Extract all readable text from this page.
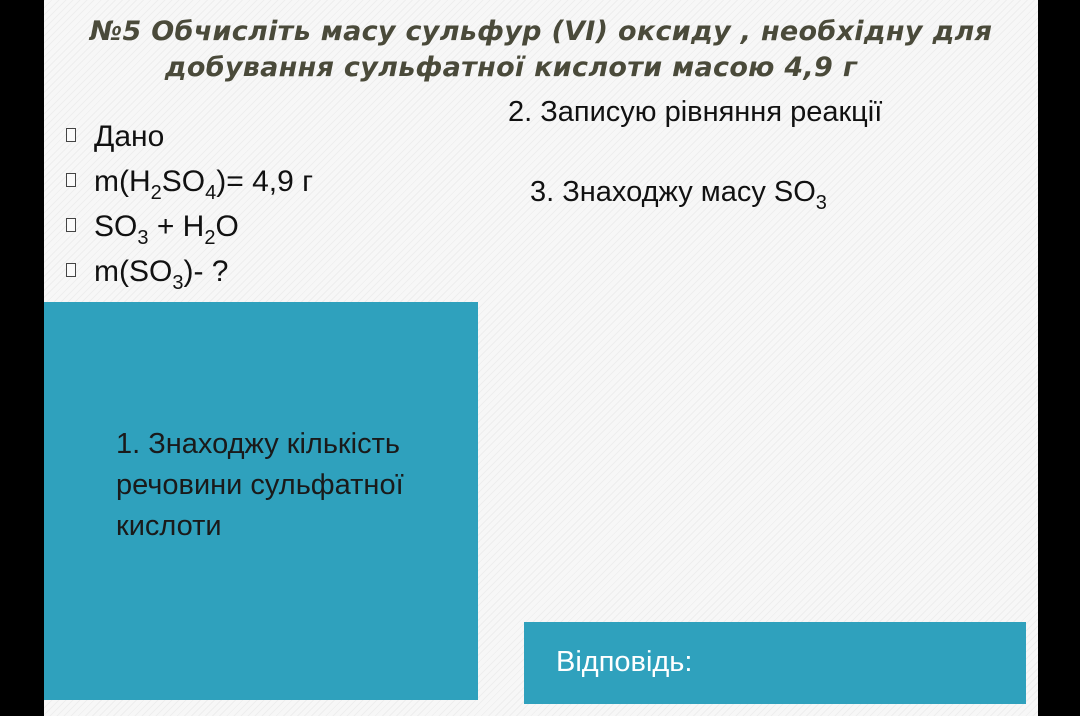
№5 Обчисліть масу сульфур (VI) оксиду , необхідну для

добування сульфатної кислоти масою 4,9 г
Дано
$m(H_2SO_4)= 4,9$ г
$SO_3 + H_2O$
$m(SO_3)-$ ?
2. Записую рівняння реакції
3. Знаходжу масу $SO_3$
1. Знаходжу кількість речовини сульфатної кислоти
Відповідь:
